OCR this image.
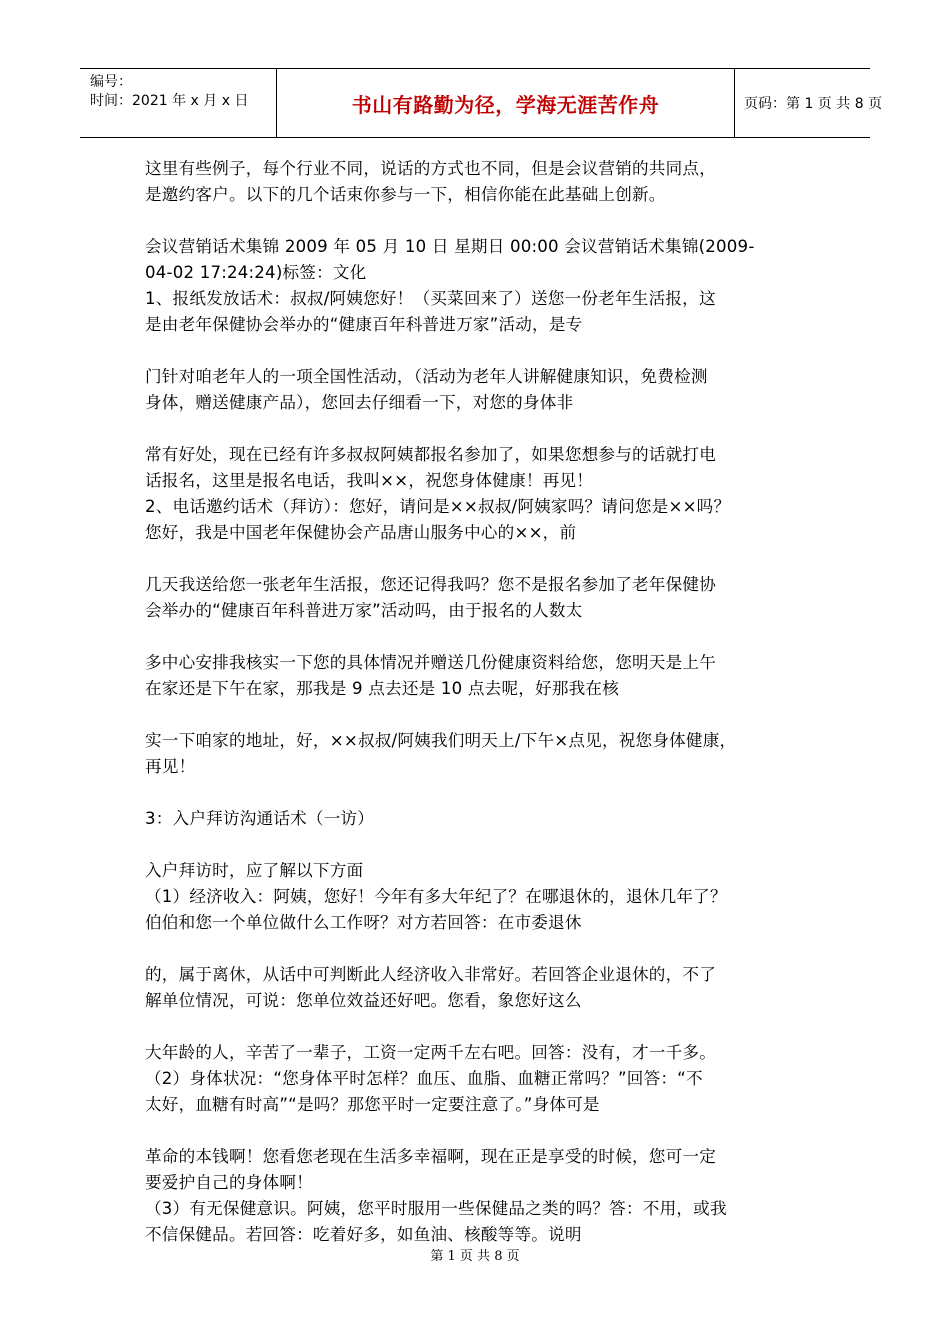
编号：
时间：2021 年 x 月 x 日	书山有路勤为径，学海无涯苦作舟	页码：第 1 页 共 8 页

这里有些例子，每个行业不同，说话的方式也不同，但是会议营销的共同点，

是邀约客户。以下的几个话束你参与一下，相信你能在此基础上创新。

会议营销话术集锦 2009 年 05 月 10 日 星期日 00:00 会议营销话术集锦(2009-

04-02 17:24:24)标签：文化

1、报纸发放话术：叔叔/阿姨您好！（买菜回来了）送您一份老年生活报，这

是由老年保健协会举办的“健康百年科普进万家”活动，是专

门针对咱老年人的一项全国性活动，（活动为老年人讲解健康知识，免费检测

身体，赠送健康产品），您回去仔细看一下，对您的身体非

常有好处，现在已经有许多叔叔阿姨都报名参加了，如果您想参与的话就打电

话报名，这里是报名电话，我叫××，祝您身体健康！再见！

2、电话邀约话术（拜访）：您好，请问是××叔叔/阿姨家吗？请问您是××吗？

您好，我是中国老年保健协会产品唐山服务中心的××，前

几天我送给您一张老年生活报，您还记得我吗？您不是报名参加了老年保健协

会举办的“健康百年科普进万家”活动吗，由于报名的人数太

多中心安排我核实一下您的具体情况并赠送几份健康资料给您，您明天是上午

在家还是下午在家，那我是 9 点去还是 10 点去呢，好那我在核

实一下咱家的地址，好，××叔叔/阿姨我们明天上/下午×点见，祝您身体健康，

再见！

3：入户拜访沟通话术（一访）

入户拜访时，应了解以下方面

（1）经济收入：阿姨，您好！今年有多大年纪了？在哪退休的，退休几年了？

伯伯和您一个单位做什么工作呀？对方若回答：在市委退休

的，属于离休，从话中可判断此人经济收入非常好。若回答企业退休的，不了

解单位情况，可说：您单位效益还好吧。您看，象您好这么

大年龄的人，辛苦了一辈子，工资一定两千左右吧。回答：没有，才一千多。

（2）身体状况：“您身体平时怎样？血压、血脂、血糖正常吗？”回答：“不

太好，血糖有时高”“是吗？那您平时一定要注意了。”身体可是

革命的本钱啊！您看您老现在生活多幸福啊，现在正是享受的时候，您可一定

要爱护自己的身体啊！

（3）有无保健意识。阿姨，您平时服用一些保健品之类的吗？答：不用，或我

不信保健品。若回答：吃着好多，如鱼油、核酸等等。说明

第 1 页 共 8 页
